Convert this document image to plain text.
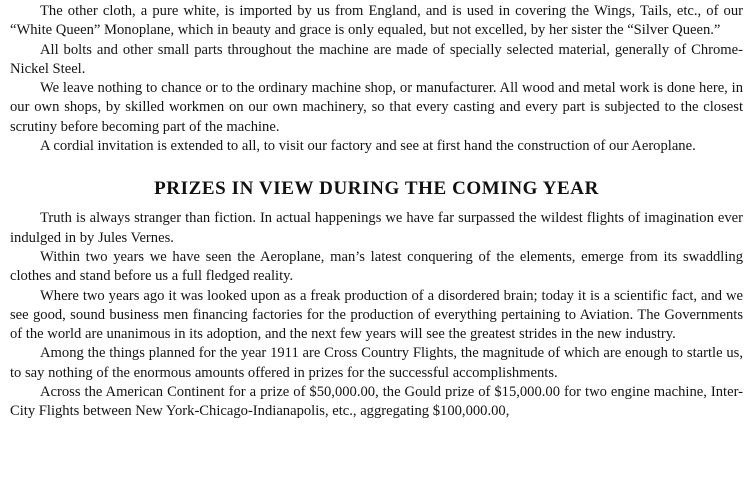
The other cloth, a pure white, is imported by us from England, and is used in covering the Wings, Tails, etc., of our “White Queen” Monoplane, which in beauty and grace is only equaled, but not excelled, by her sister the “Silver Queen.”

All bolts and other small parts throughout the machine are made of specially selected material, generally of Chrome-Nickel Steel.

We leave nothing to chance or to the ordinary machine shop, or manufacturer. All wood and metal work is done here, in our own shops, by skilled workmen on our own machinery, so that every casting and every part is subjected to the closest scrutiny before becoming part of the machine.

A cordial invitation is extended to all, to visit our factory and see at first hand the construction of our Aeroplane.

PRIZES IN VIEW DURING THE COMING YEAR

Truth is always stranger than fiction. In actual happenings we have far surpassed the wildest flights of imagination ever indulged in by Jules Vernes.

Within two years we have seen the Aeroplane, man’s latest conquering of the elements, emerge from its swaddling clothes and stand before us a full fledged reality.

Where two years ago it was looked upon as a freak production of a disordered brain; today it is a scientific fact, and we see good, sound business men financing factories for the production of everything pertaining to Aviation. The Governments of the world are unanimous in its adoption, and the next few years will see the greatest strides in the new industry.

Among the things planned for the year 1911 are Cross Country Flights, the magnitude of which are enough to startle us, to say nothing of the enormous amounts offered in prizes for the successful accomplishments.

Across the American Continent for a prize of $50,000.00, the Gould prize of $15,000.00 for two engine machine, Inter-City Flights between New York-Chicago-Indianapolis, etc., aggregating $100,000.00,
